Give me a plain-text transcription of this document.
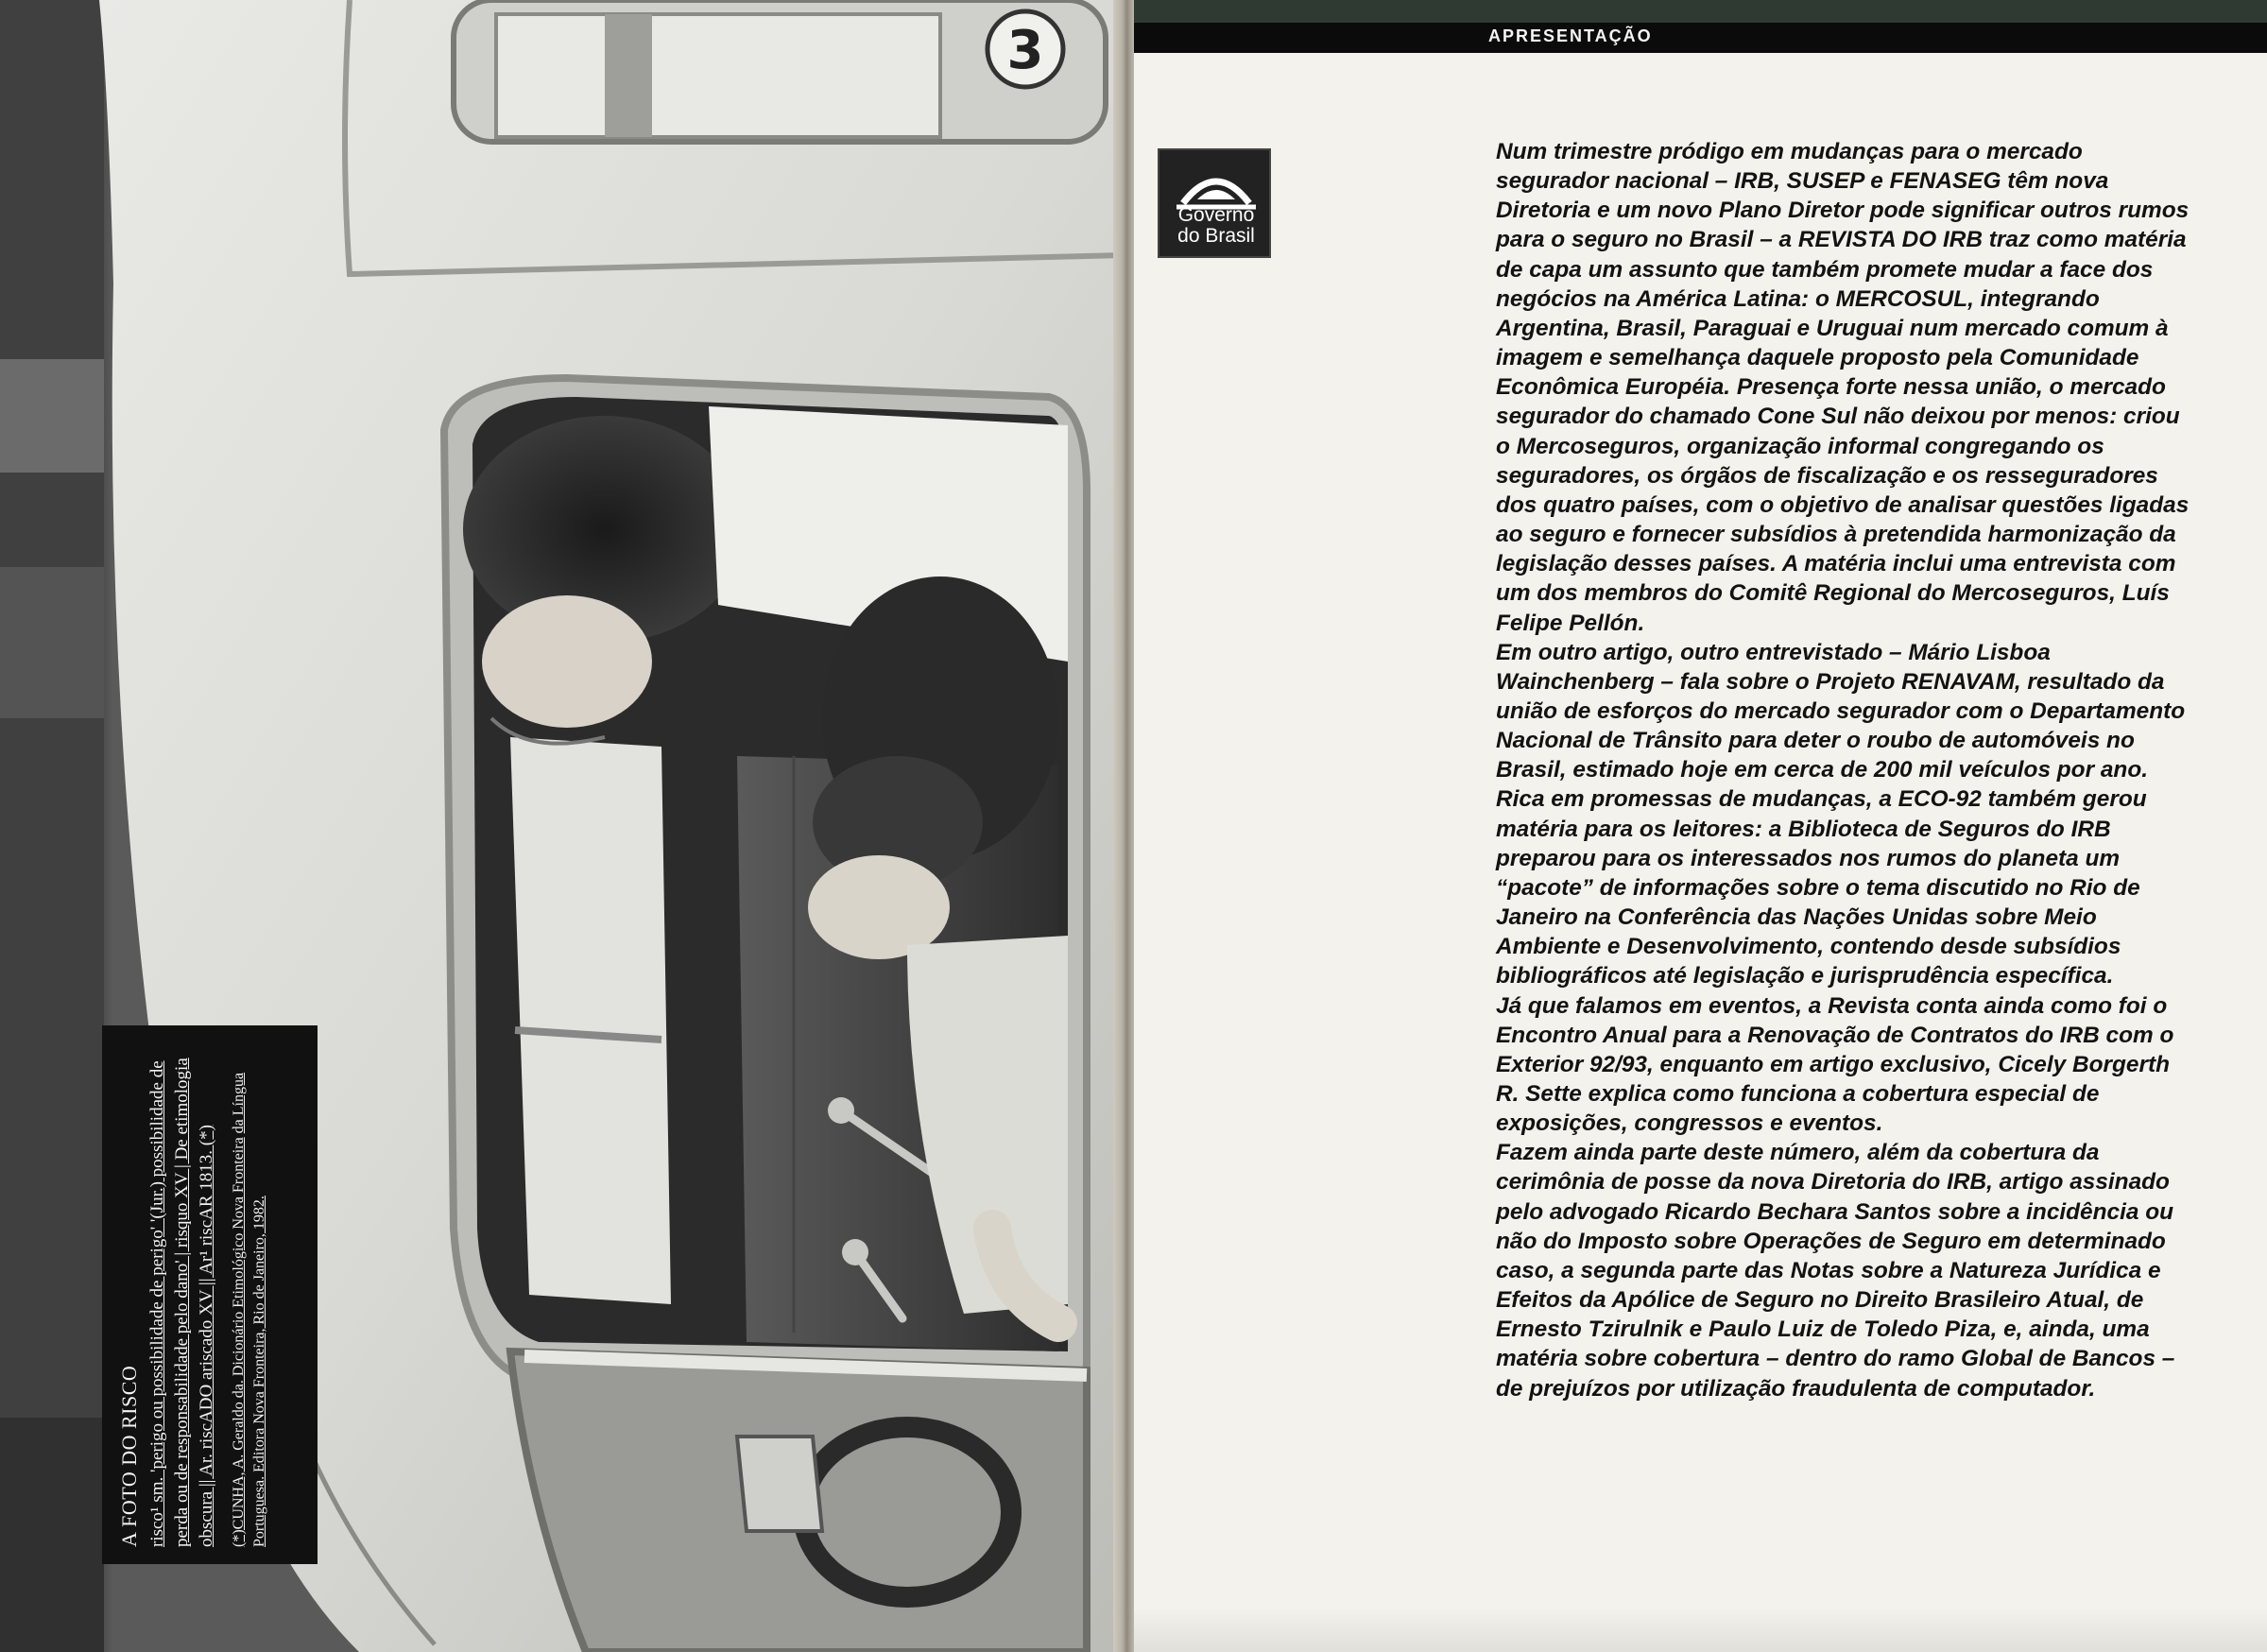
3
A FOTO DO RISCO risco¹ sm. 'perigo ou possibilidade de perigo' '(Jur.) possibilidade de perda ou de responsabilidade pelo dano' | risquo XV | De etimologia obscura || Ar. riscADO ariscado XV || Ar¹ riscAR 1813. (*) (*)CUNHA, A. Geraldo da. Dicionário Etimológico Nova Fronteira da Língua Portuguesa. Editora Nova Fronteira, Rio de Janeiro, 1982.
APRESENTAÇÃO
Governo
do Brasil

Num trimestre pródigo em mudanças para o mercado segurador nacional – IRB, SUSEP e FENASEG têm nova Diretoria e um novo Plano Diretor pode significar outros rumos para o seguro no Brasil – a REVISTA DO IRB traz como matéria de capa um assunto que também promete mudar a face dos negócios na América Latina: o MERCOSUL, integrando Argentina, Brasil, Paraguai e Uruguai num mercado comum à imagem e semelhança daquele proposto pela Comunidade Econômica Européia. Presença forte nessa união, o mercado segurador do chamado Cone Sul não deixou por menos: criou o Mercoseguros, organização informal congregando os seguradores, os órgãos de fiscalização e os resseguradores dos quatro países, com o objetivo de analisar questões ligadas ao seguro e fornecer subsídios à pretendida harmonização da legislação desses países. A matéria inclui uma entrevista com um dos membros do Comitê Regional do Mercoseguros, Luís Felipe Pellón.

Em outro artigo, outro entrevistado – Mário Lisboa Wainchenberg – fala sobre o Projeto RENAVAM, resultado da união de esforços do mercado segurador com o Departamento Nacional de Trânsito para deter o roubo de automóveis no Brasil, estimado hoje em cerca de 200 mil veículos por ano.

Rica em promessas de mudanças, a ECO-92 também gerou matéria para os leitores: a Biblioteca de Seguros do IRB preparou para os interessados nos rumos do planeta um “pacote” de informações sobre o tema discutido no Rio de Janeiro na Conferência das Nações Unidas sobre Meio Ambiente e Desenvolvimento, contendo desde subsídios bibliográficos até legislação e jurisprudência específica.

Já que falamos em eventos, a Revista conta ainda como foi o Encontro Anual para a Renovação de Contratos do IRB com o Exterior 92/93, enquanto em artigo exclusivo, Cicely Borgerth R. Sette explica como funciona a cobertura especial de exposições, congressos e eventos.

Fazem ainda parte deste número, além da cobertura da cerimônia de posse da nova Diretoria do IRB, artigo assinado pelo advogado Ricardo Bechara Santos sobre a incidência ou não do Imposto sobre Operações de Seguro em determinado caso, a segunda parte das Notas sobre a Natureza Jurídica e Efeitos da Apólice de Seguro no Direito Brasileiro Atual, de Ernesto Tzirulnik e Paulo Luiz de Toledo Piza, e, ainda, uma matéria sobre cobertura – dentro do ramo Global de Bancos – de prejuízos por utilização fraudulenta de computador.
